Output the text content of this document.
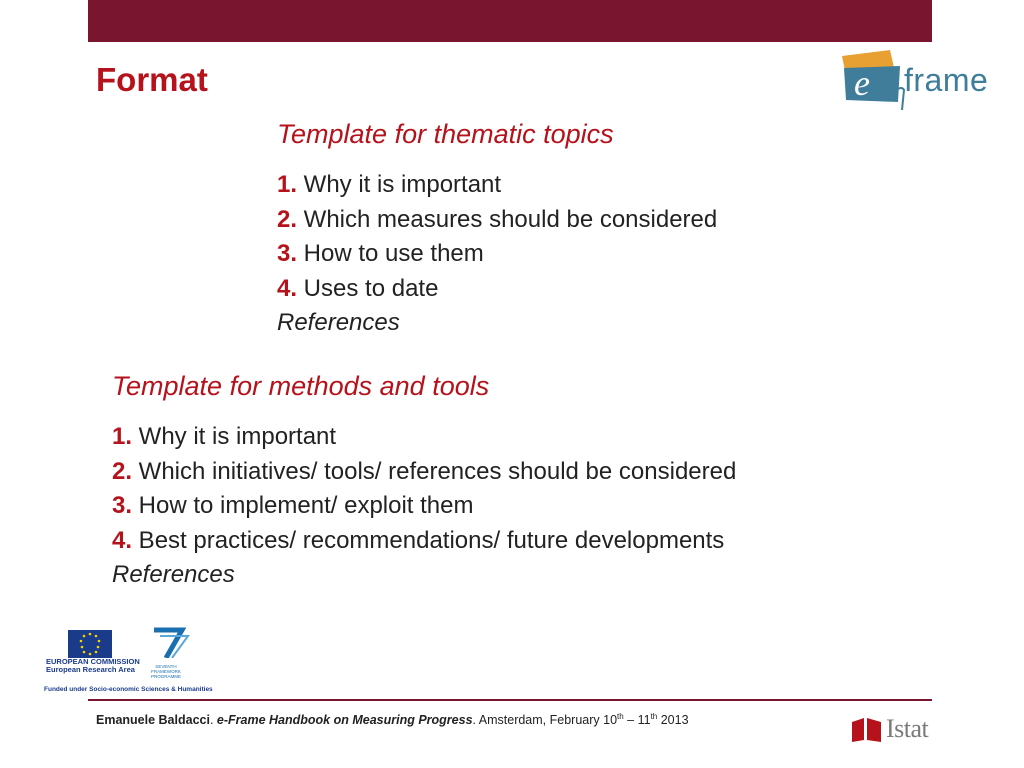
Format	e frame
Template for thematic topics
1. Why it is important
2. Which measures should be considered
3. How to use them
4. Uses to date
References
Template for methods and tools
1. Why it is important
2. Which initiatives/ tools/ references should be considered
3. How to implement/ exploit them
4. Best practices/ recommendations/ future developments
References
EUROPEAN COMMISSION
European Research Area	SEVENTH FRAMEWORK
PROGRAMME
Funded under Socio-economic Sciences & Humanities
Emanuele Baldacci. e-Frame Handbook on Measuring Progress. Amsterdam, February 10th – 11th 2013	Istat
